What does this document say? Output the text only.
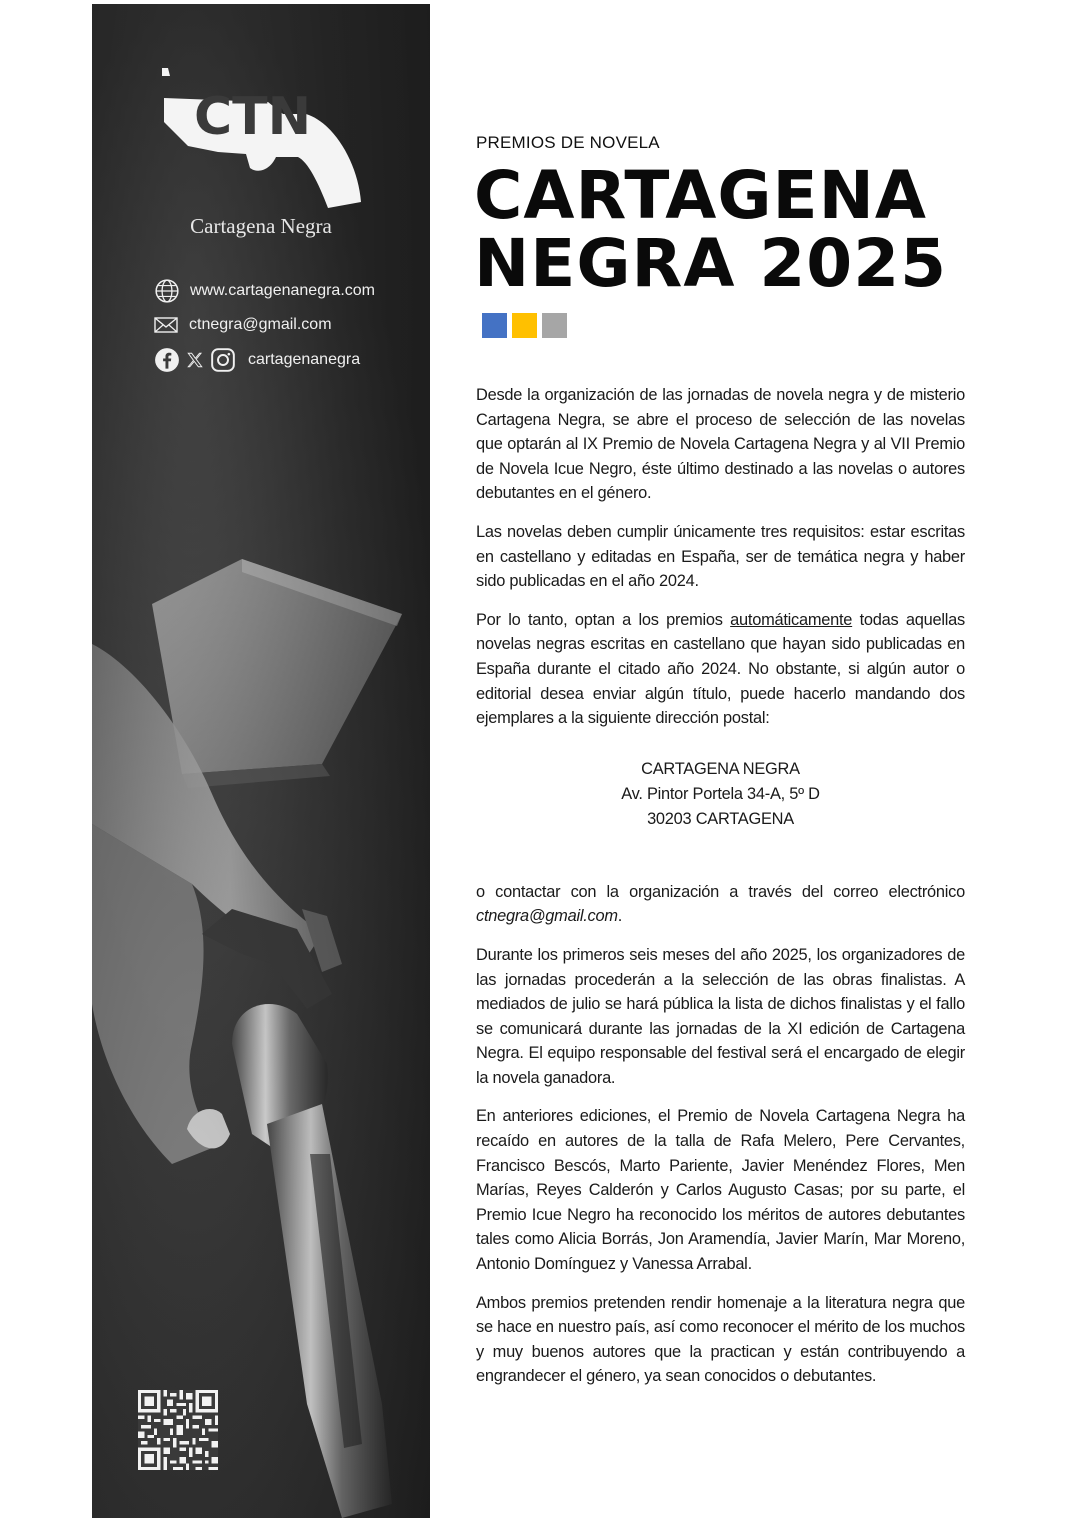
CTN
Cartagena Negra
www.cartagenanegra.com
ctnegra@gmail.com
cartagenanegra
PREMIOS DE NOVELA
CARTAGENA
NEGRA 2025

Desde la organización de las jornadas de novela negra y de misterio Cartagena Negra, se abre el proceso de selección de las novelas que optarán al IX Premio de Novela Cartagena Negra y al VII Premio de Novela Icue Negro, éste último destinado a las novelas o autores debutantes en el género.

Las novelas deben cumplir únicamente tres requisitos: estar escritas en castellano y editadas en España, ser de temática negra y haber sido publicadas en el año 2024.

Por lo tanto, optan a los premios automáticamente todas aquellas novelas negras escritas en castellano que hayan sido publicadas en España durante el citado año 2024. No obstante, si algún autor o editorial desea enviar algún título, puede hacerlo mandando dos ejemplares a la siguiente dirección postal:

CARTAGENA NEGRA
Av. Pintor Portela 34-A, 5º D
30203 CARTAGENA

o contactar con la organización a través del correo electrónico ctnegra@gmail.com.

Durante los primeros seis meses del año 2025, los organizadores de las jornadas procederán a la selección de las obras finalistas. A mediados de julio se hará pública la lista de dichos finalistas y el fallo se comunicará durante las jornadas de la XI edición de Cartagena Negra. El equipo responsable del festival será el encargado de elegir la novela ganadora.

En anteriores ediciones, el Premio de Novela Cartagena Negra ha recaído en autores de la talla de Rafa Melero, Pere Cervantes, Francisco Bescós, Marto Pariente, Javier Menéndez Flores, Men Marías, Reyes Calderón y Carlos Augusto Casas; por su parte, el Premio Icue Negro ha reconocido los méritos de autores debutantes tales como Alicia Borrás, Jon Aramendía, Javier Marín, Mar Moreno, Antonio Domínguez y Vanessa Arrabal.

Ambos premios pretenden rendir homenaje a la literatura negra que se hace en nuestro país, así como reconocer el mérito de los muchos y muy buenos autores que la practican y están contribuyendo a engrandecer el género, ya sean conocidos o debutantes.
